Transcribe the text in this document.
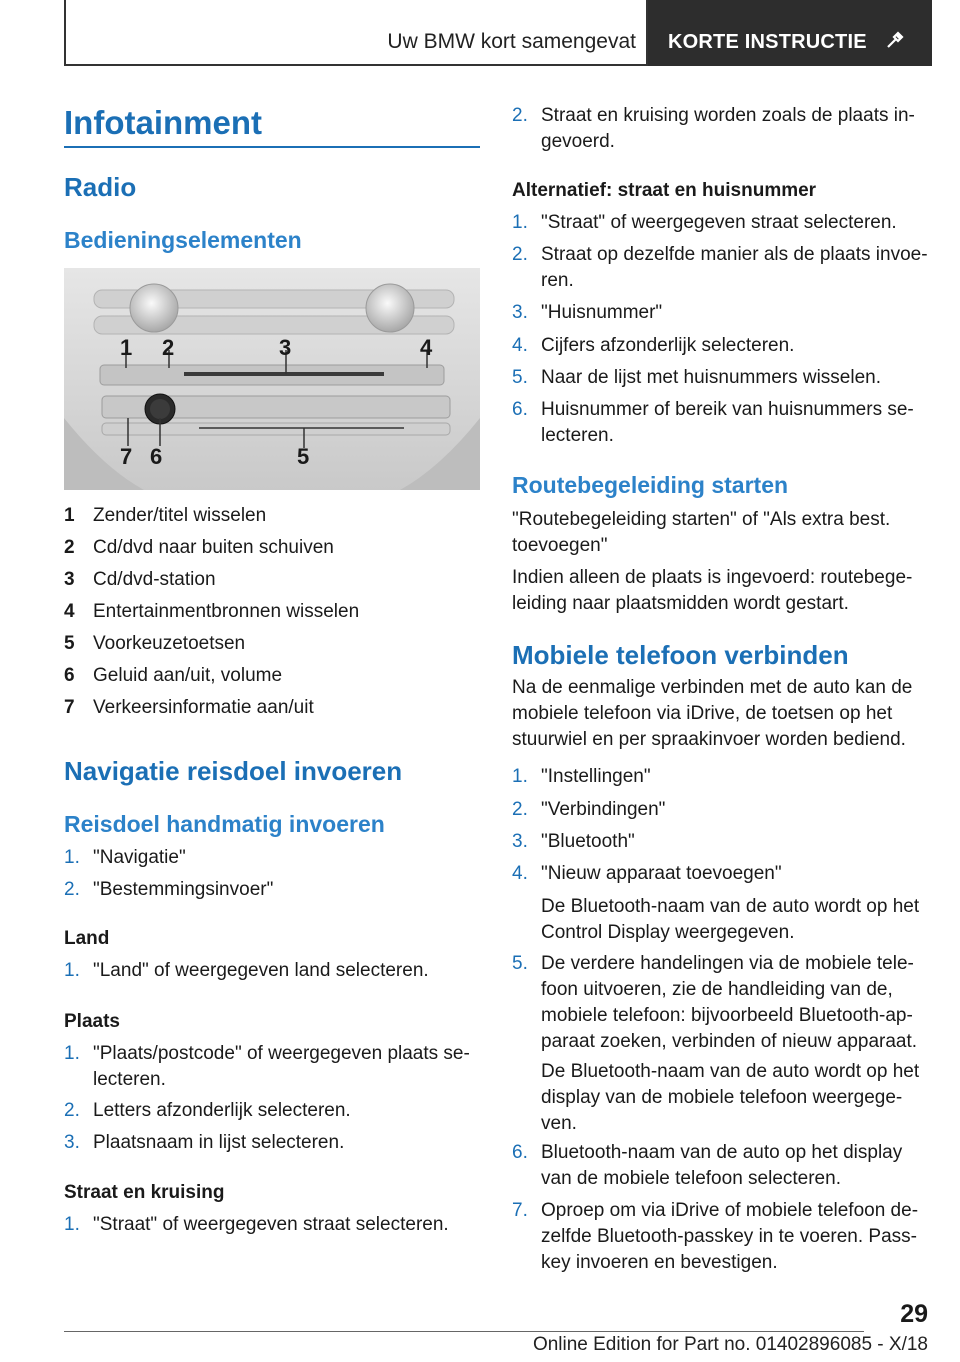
Uw BMW kort samengevat	KORTE INSTRUCTIE
Infotainment
Radio
Bedieningselementen
1 2	3	4
5
6
7
1 Zender/titel wisselen
2 Cd/dvd naar buiten schuiven
3 Cd/dvd-station
4 Entertainmentbronnen wisselen
5 Voorkeuzetoetsen
6 Geluid aan/uit, volume
7 Verkeersinformatie aan/uit
Navigatie reisdoel invoeren
Reisdoel handmatig invoeren
1. "Navigatie"
2. "Bestemmingsinvoer"
Land
1. "Land" of weergegeven land selecteren.
Plaats
1. "Plaats/postcode" of weergegeven plaats se-lecteren.
2. Letters afzonderlijk selecteren.
3. Plaatsnaam in lijst selecteren.
Straat en kruising
1. "Straat" of weergegeven straat selecteren.
2. Straat en kruising worden zoals de plaats in-gevoerd.
Alternatief: straat en huisnummer
1. "Straat" of weergegeven straat selecteren.
2. Straat op dezelfde manier als de plaats invoe-ren.
3. "Huisnummer"
4. Cijfers afzonderlijk selecteren.
5. Naar de lijst met huisnummers wisselen.
6. Huisnummer of bereik van huisnummers se-lecteren.
Routebegeleiding starten
"Routebegeleiding starten" of "Als extra best. toevoegen"
Indien alleen de plaats is ingevoerd: routebege-leiding naar plaatsmidden wordt gestart.
Mobiele telefoon verbinden
Na de eenmalige verbinden met de auto kan de mobiele telefoon via iDrive, de toetsen op het stuurwiel en per spraakinvoer worden bediend.
1. "Instellingen"
2. "Verbindingen"
3. "Bluetooth"
4. "Nieuw apparaat toevoegen"
De Bluetooth-naam van de auto wordt op het Control Display weergegeven.
5. De verdere handelingen via de mobiele tele-foon uitvoeren, zie de handleiding van de, mobiele telefoon: bijvoorbeeld Bluetooth-ap-paraat zoeken, verbinden of nieuw apparaat.
De Bluetooth-naam van de auto wordt op het display van de mobiele telefoon weergege-ven.
6. Bluetooth-naam van de auto op het display van de mobiele telefoon selecteren.
7. Oproep om via iDrive of mobiele telefoon de-zelfde Bluetooth-passkey in te voeren. Pass-key invoeren en bevestigen.
29
Online Edition for Part no. 01402896085 - X/18
